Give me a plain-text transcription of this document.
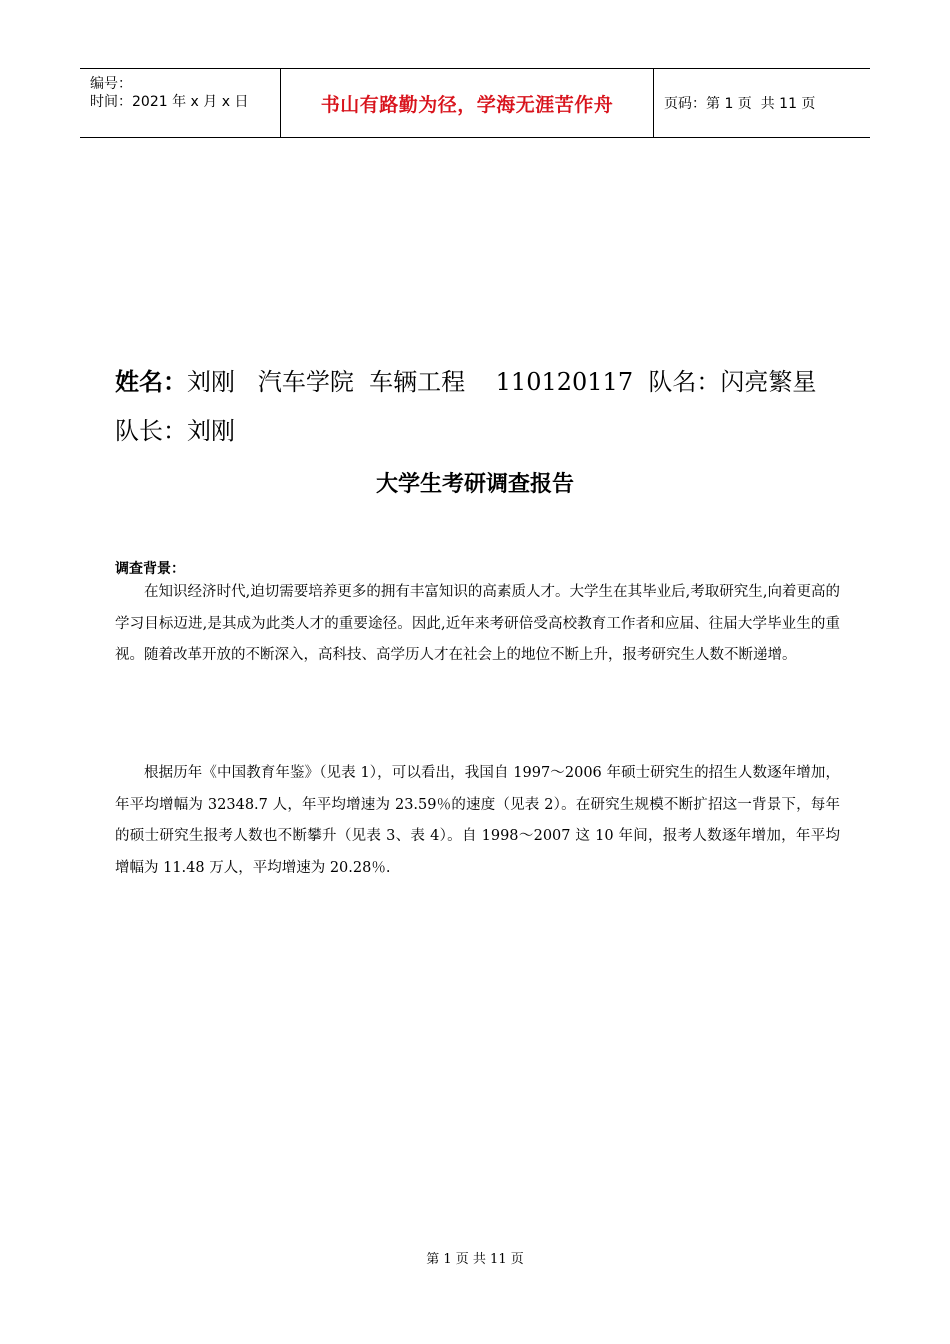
编号：
时间：2021 年 x 月 x 日	书山有路勤为径，学海无涯苦作舟	页码：第 1 页  共 11 页
姓名：刘刚   汽车学院  车辆工程    110120117  队名：闪亮繁星
队长：刘刚
大学生考研调查报告
调查背景：
在知识经济时代,迫切需要培养更多的拥有丰富知识的高素质人才。大学生在其毕业后,考取研究生,向着更高的学习目标迈进,是其成为此类人才的重要途径。因此,近年来考研倍受高校教育工作者和应届、往届大学毕业生的重视。随着改革开放的不断深入，高科技、高学历人才在社会上的地位不断上升，报考研究生人数不断递增。
根据历年《中国教育年鉴》（见表 1），可以看出，我国自 1997～2006 年硕士研究生的招生人数逐年增加，年平均增幅为 32348.7 人，年平均增速为 23.59％的速度（见表 2）。在研究生规模不断扩招这一背景下，每年的硕士研究生报考人数也不断攀升（见表 3、表 4）。自 1998～2007 这 10 年间，报考人数逐年增加，年平均增幅为 11.48 万人，平均增速为 20.28％.
第 1 页 共 11 页
